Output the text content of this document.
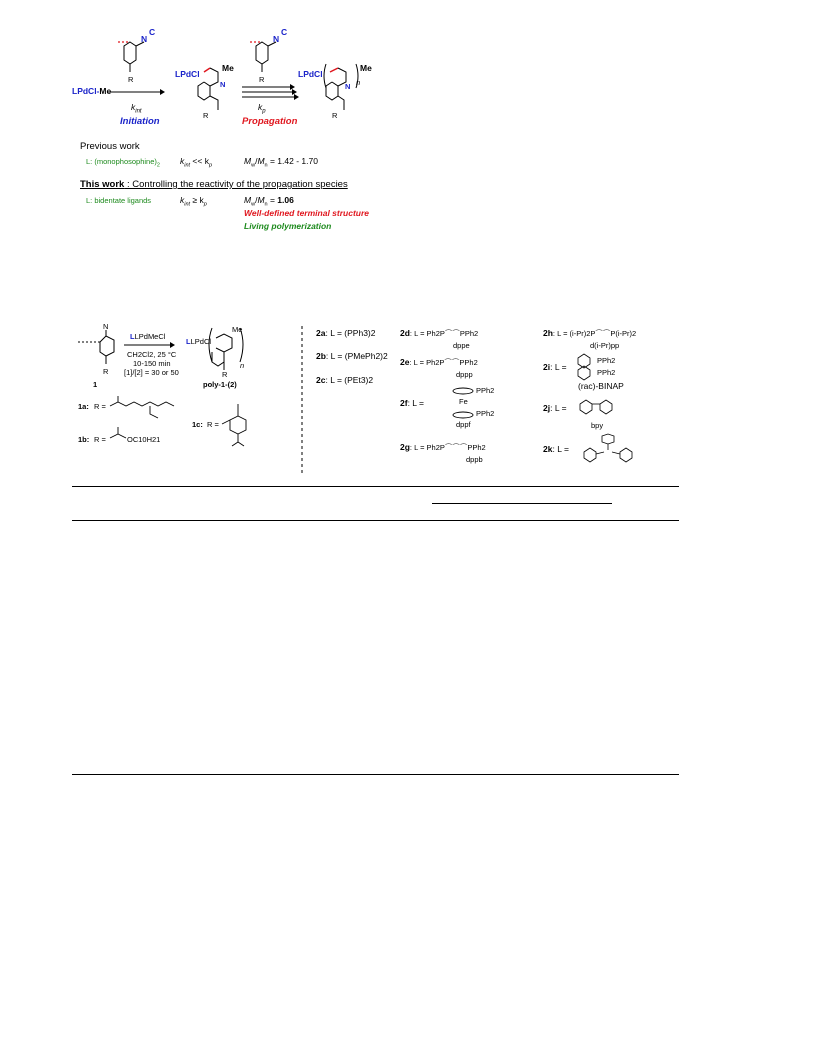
LPdCl-Me
N
C
R
$k_{int}$
Initiation
LPdCl
Me
N
R
N
C
R
$k_p$
Propagation
LPdCl
Me
n
N
R
Previous work
L: $(monophosophine)_2$ $k_{int} << k_p$	$M_w/M_n = 1.42 - 1.70$
This work : Controlling the reactivity of the propagation species
L: bidentate ligands	$k_{int} \ge k_p$	$M_w/M_n = 1.06$
Well-defined terminal structure
Living polymerization
N
R
1
LLPdMeCl
CH2Cl2, 25 °C
10-150 min
[1]/[2] = 30 or 50
LLPdCl
Me
n
R
poly-1-(2)
1a: R =
1b: R =	OC10H21
1c: R =
2a: L = (PPh3)2
2b: L = (PMePh2)2
2c: L = (PEt3)2
2d: L = Ph2P⌒⌒PPh2
dppe
2e: L = Ph2P⌒⌒PPh2
dppp
2f: L =
PPh2
Fe
PPh2
dppf
2g: L = Ph2P⌒⌒⌒PPh2
dppb
2h: L = (i-Pr)2P⌒⌒P(i-Pr)2
d(i-Pr)pp
2i: L =
PPh2
PPh2
(rac)-BINAP
2j: L =
bpy
2k: L =
